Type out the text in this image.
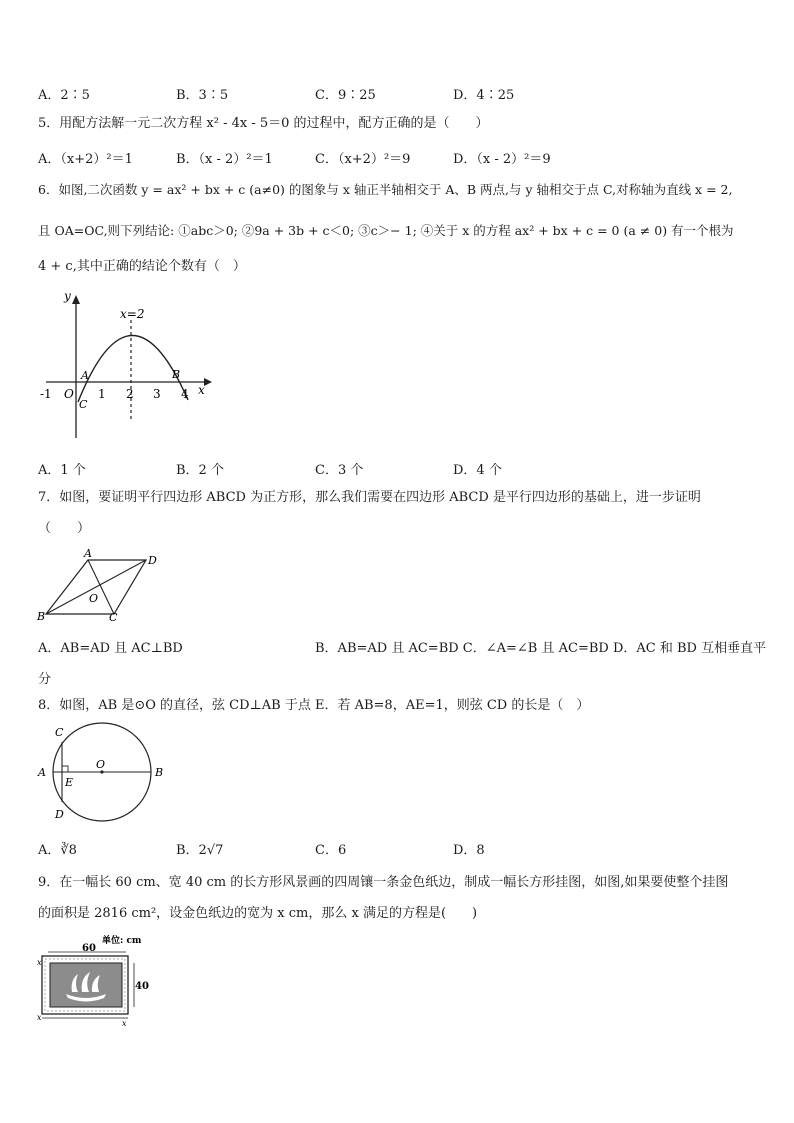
A．2∶5	B．3∶5	C．9∶25	D．4∶25
5．用配方法解一元二次方程 x² - 4x - 5＝0 的过程中，配方正确的是（　　）
A．（x+2）²＝1	B．（x - 2）²＝1	C．（x+2）²＝9	D．（x - 2）²＝9
6．如图,二次函数 y = ax² + bx + c (a≠0) 的图象与 x 轴正半轴相交于 A、B 两点,与 y 轴相交于点 C,对称轴为直线 x = 2,
且 OA=OC,则下列结论: ①abc＞0; ②9a + 3b + c＜0; ③c＞− 1; ④关于 x 的方程 ax² + bx + c = 0 (a ≠ 0) 有一个根为
4 + c,其中正确的结论个数有（　）
y
x
x=2
-1	1 2 3 4
O
A	B
C
A．1 个	B．2 个	C．3 个	D．4 个
7．如图，要证明平行四边形 ABCD 为正方形，那么我们需要在四边形 ABCD 是平行四边形的基础上，进一步证明
（　　）
A
B	C
D
O
A．AB=AD 且 AC⊥BD	B．AB=AD 且 AC=BD C．∠A=∠B 且 AC=BD D．AC 和 BD 互相垂直平
分
8．如图，AB 是⊙O 的直径，弦 CD⊥AB 于点 E．若 AB=8，AE=1，则弦 CD 的长是（　）
A	B
C
D
E
O
A．∛8	B．2√7	C．6	D．8
9．在一幅长 60 cm、宽 40 cm 的长方形风景画的四周镶一条金色纸边，制成一幅长方形挂图，如图,如果要使整个挂图
的面积是 2816 cm²，设金色纸边的宽为 x cm，那么 x 满足的方程是(　　)
单位: cm
60
40
x
x
x
